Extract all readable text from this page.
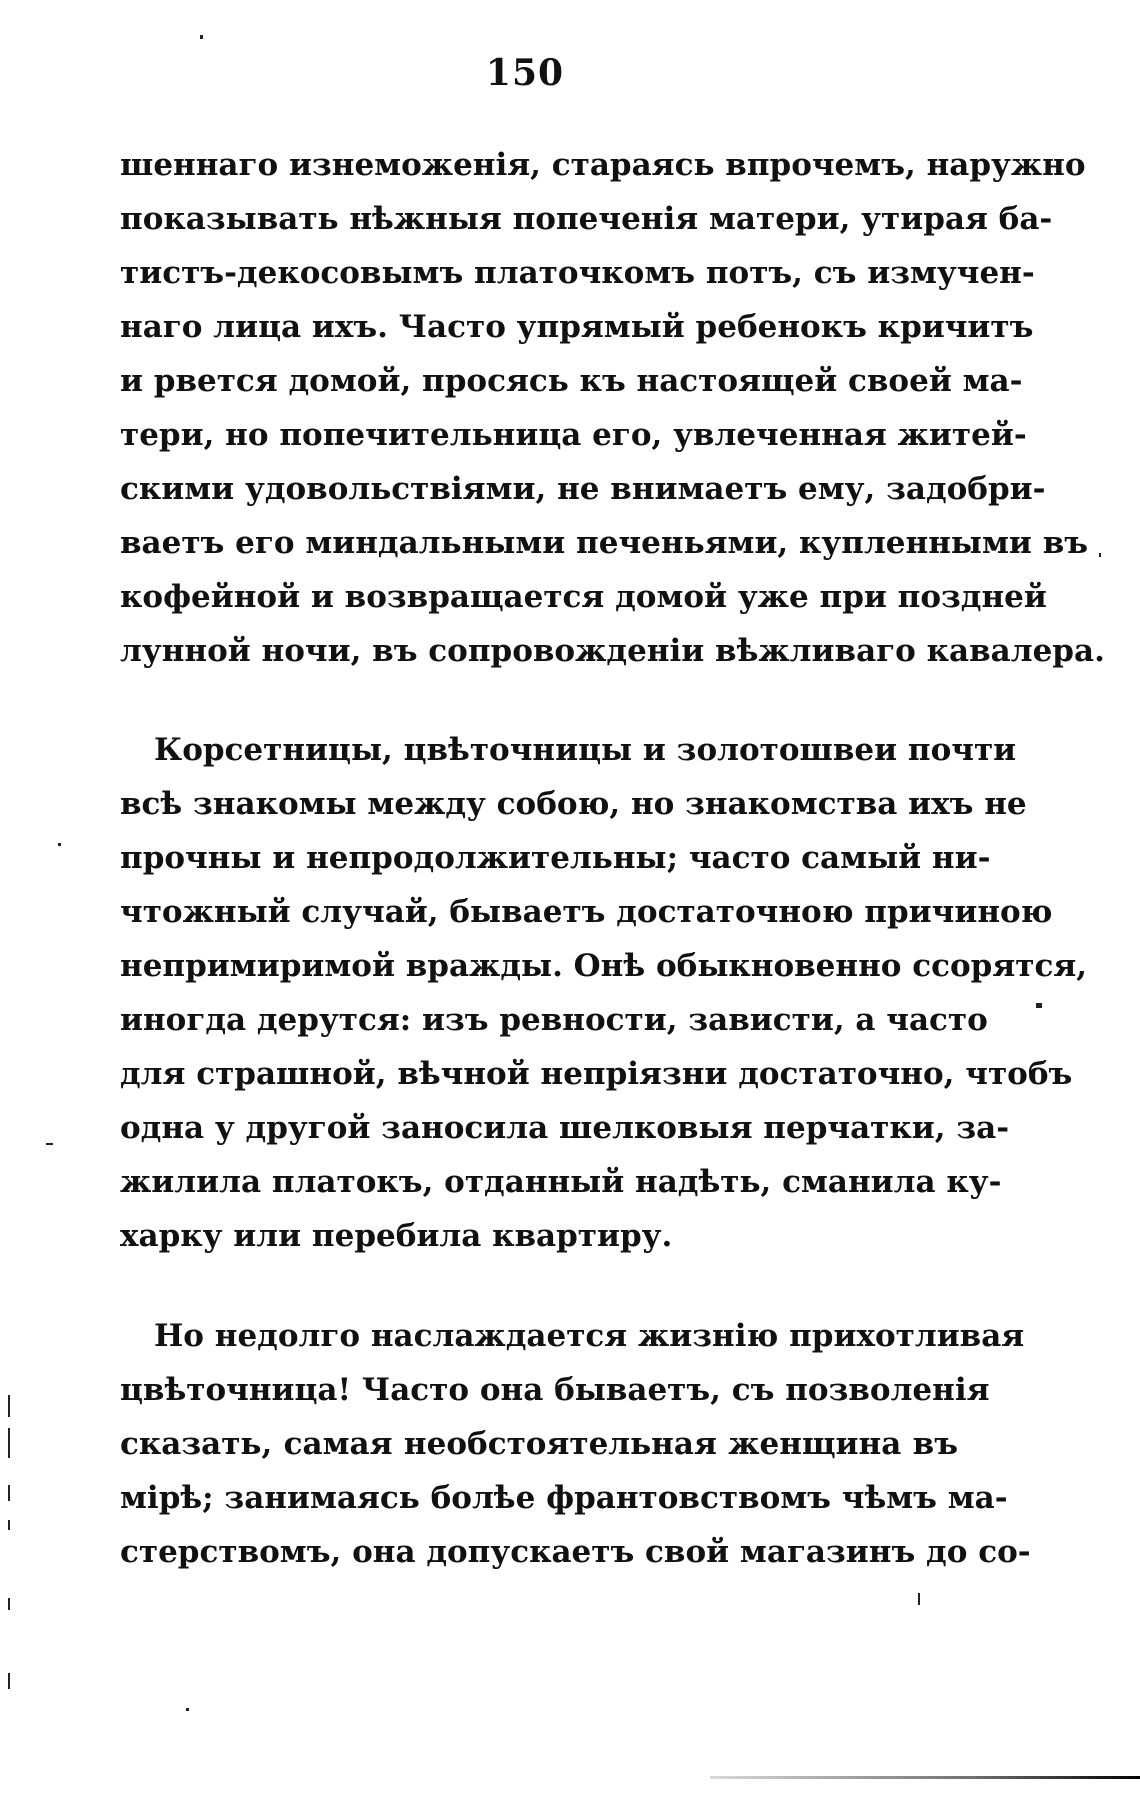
150
шеннаго изнеможенія, стараясь впрочемъ, наружно
показывать нѣжныя попеченія матери, утирая ба-
тистъ-декосовымъ платочкомъ потъ, съ измучен-
наго лица ихъ. Часто упрямый ребенокъ кричитъ
и рвется домой, просясь къ настоящей своей ма-
тери, но попечительница его, увлеченная житей-
скими удовольствіями, не внимаетъ ему, задобри-
ваетъ его миндальными печеньями, купленными въ
кофейной и возвращается домой уже при поздней
лунной ночи, въ сопровожденіи вѣжливаго кавалера.
Корсетницы, цвѣточницы и золотошвеи почти
всѣ знакомы между собою, но знакомства ихъ не
прочны и непродолжительны; часто самый ни-
чтожный случай, бываетъ достаточною причиною
непримиримой вражды. Онѣ обыкновенно ссорятся,
иногда дерутся: изъ ревности, зависти, а часто
для страшной, вѣчной непріязни достаточно, чтобъ
одна у другой заносила шелковыя перчатки, за-
жилила платокъ, отданный надѣть, сманила ку-
харку или перебила квартиру.
Но недолго наслаждается жизнію прихотливая
цвѣточница! Часто она бываетъ, съ позволенія
сказать, самая необстоятельная женщина въ
мірѣ; занимаясь болѣе франтовствомъ чѣмъ ма-
стерствомъ, она допускаетъ свой магазинъ до со-
